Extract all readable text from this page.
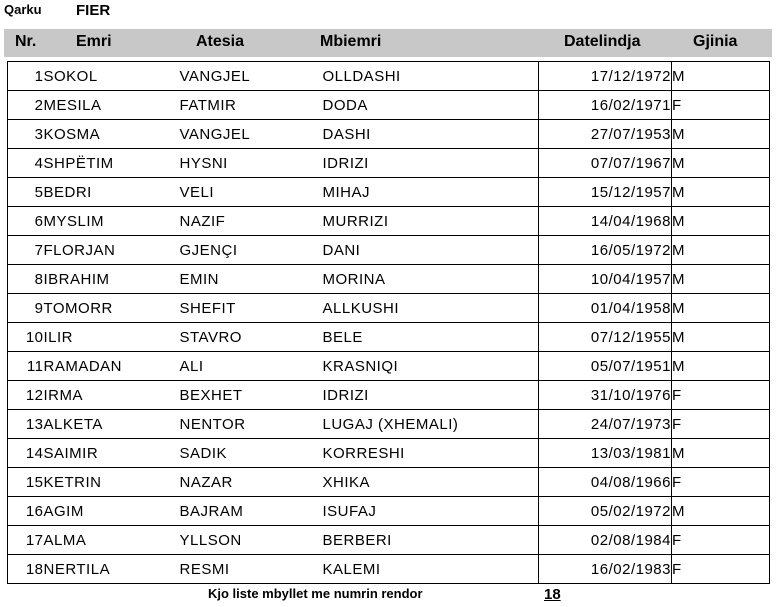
Qarku FIER
Nr. Emri	Atesia	Mbiemri	Datelindja	Gjinia
1	SOKOL	VANGJEL	OLLDASHI	17/12/1972	M
2	MESILA	FATMIR	DODA	16/02/1971	F
3	KOSMA	VANGJEL	DASHI	27/07/1953	M
4	SHPËTIM	HYSNI	IDRIZI	07/07/1967	M
5	BEDRI	VELI	MIHAJ	15/12/1957	M
6	MYSLIM	NAZIF	MURRIZI	14/04/1968	M
7	FLORJAN	GJENÇI	DANI	16/05/1972	M
8	IBRAHIM	EMIN	MORINA	10/04/1957	M
9	TOMORR	SHEFIT	ALLKUSHI	01/04/1958	M
10	ILIR	STAVRO	BELE	07/12/1955	M
11	RAMADAN	ALI	KRASNIQI	05/07/1951	M
12	IRMA	BEXHET	IDRIZI	31/10/1976	F
13	ALKETA	NENTOR	LUGAJ (XHEMALI)	24/07/1973	F
14	SAIMIR	SADIK	KORRESHI	13/03/1981	M
15	KETRIN	NAZAR	XHIKA	04/08/1966	F
16	AGIM	BAJRAM	ISUFAJ	05/02/1972	M
17	ALMA	YLLSON	BERBERI	02/08/1984	F
18	NERTILA	RESMI	KALEMI	16/02/1983	F
Kjo liste mbyllet me numrin rendor	18
